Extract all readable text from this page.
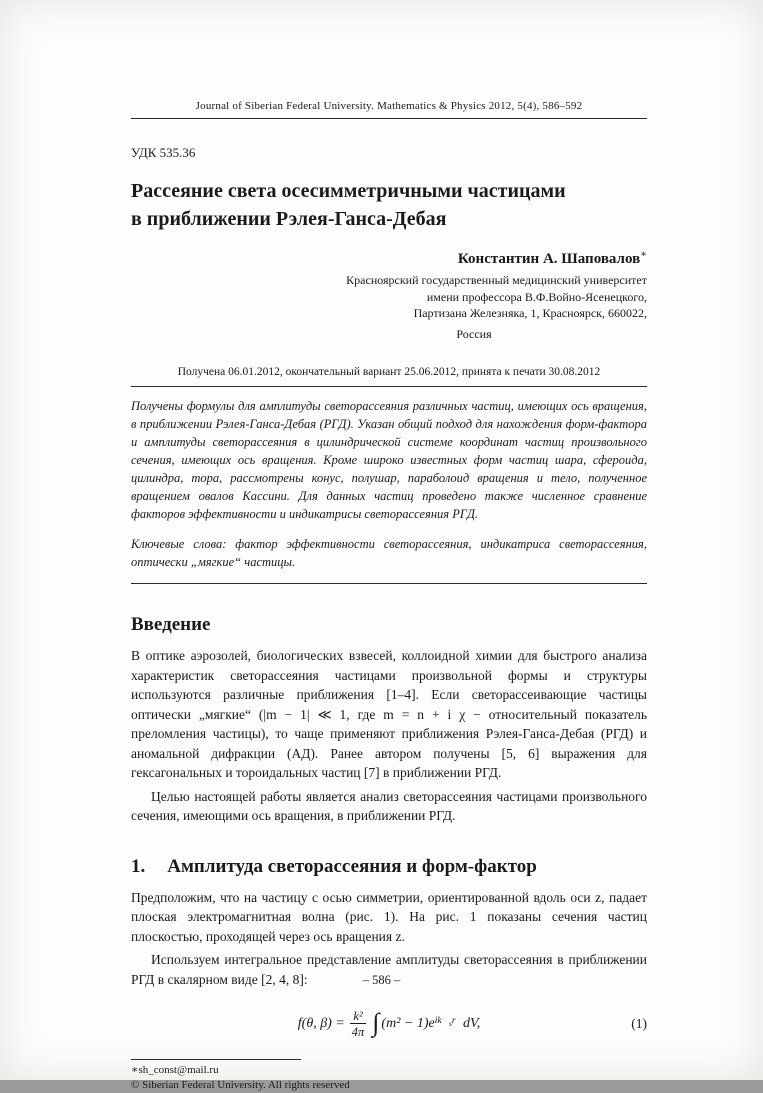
Journal of Siberian Federal University. Mathematics & Physics 2012, 5(4), 586–592
УДК 535.36
Рассеяние света осесимметричными частицами
в приближении Рэлея-Ганса-Дебая
Константин А. Шаповалов∗
Красноярский государственный медицинский университет
имени профессора В.Ф.Войно-Ясенецкого,
Партизана Железняка, 1, Красноярск, 660022,
Россия
Получена 06.01.2012, окончательный вариант 25.06.2012, принята к печати 30.08.2012

Получены формулы для амплитуды светорассеяния различных частиц, имеющих ось вращения, в приближении Рэлея-Ганса-Дебая (РГД). Указан общий подход для нахождения форм-фактора и амплитуды светорассеяния в цилиндрической системе координат частиц произвольного сечения, имеющих ось вращения. Кроме широко известных форм частиц шара, сфероида, цилиндра, тора, рассмотрены конус, полушар, параболоид вращения и тело, полученное вращением овалов Кассини. Для данных частиц проведено также численное сравнение факторов эффективности и индикатрисы светорассеяния РГД.

Ключевые слова: фактор эффективности светорассеяния, индикатриса светорассеяния, оптически „мягкие“ частицы.

Введение

В оптике аэрозолей, биологических взвесей, коллоидной химии для быстрого анализа характеристик светорассеяния частицами произвольной формы и структуры используются различные приближения [1–4]. Если светорассеивающие частицы оптически „мягкие“ (|m − 1| ≪ 1, где m = n + i χ − относительный показатель преломления частицы), то чаще применяют приближения Рэлея-Ганса-Дебая (РГД) и аномальной дифракции (АД). Ранее автором получены [5, 6] выражения для гексагональных и тороидальных частиц [7] в приближении РГД.

Целью настоящей работы является анализ светорассеяния частицами произвольного сечения, имеющими ось вращения, в приближении РГД.

1. Амплитуда светорассеяния и форм-фактор

Предположим, что на частицу с осью симметрии, ориентированной вдоль оси z, падает плоская электромагнитная волна (рис. 1). На рис. 1 показаны сечения частиц плоскостью, проходящей через ось вращения z.

Используем интегральное представление амплитуды светорассеяния в приближении РГД в скалярном виде [2, 4, 8]:

f(θ, $\beta) = \frac{\text{k²}}{4\pi}$ ∫ (m² − 1)e $^{ik⃗_sr⃗}$ dV,	(1)
∗sh_const@mail.ru
© Siberian Federal University. All rights reserved
– 586 –
